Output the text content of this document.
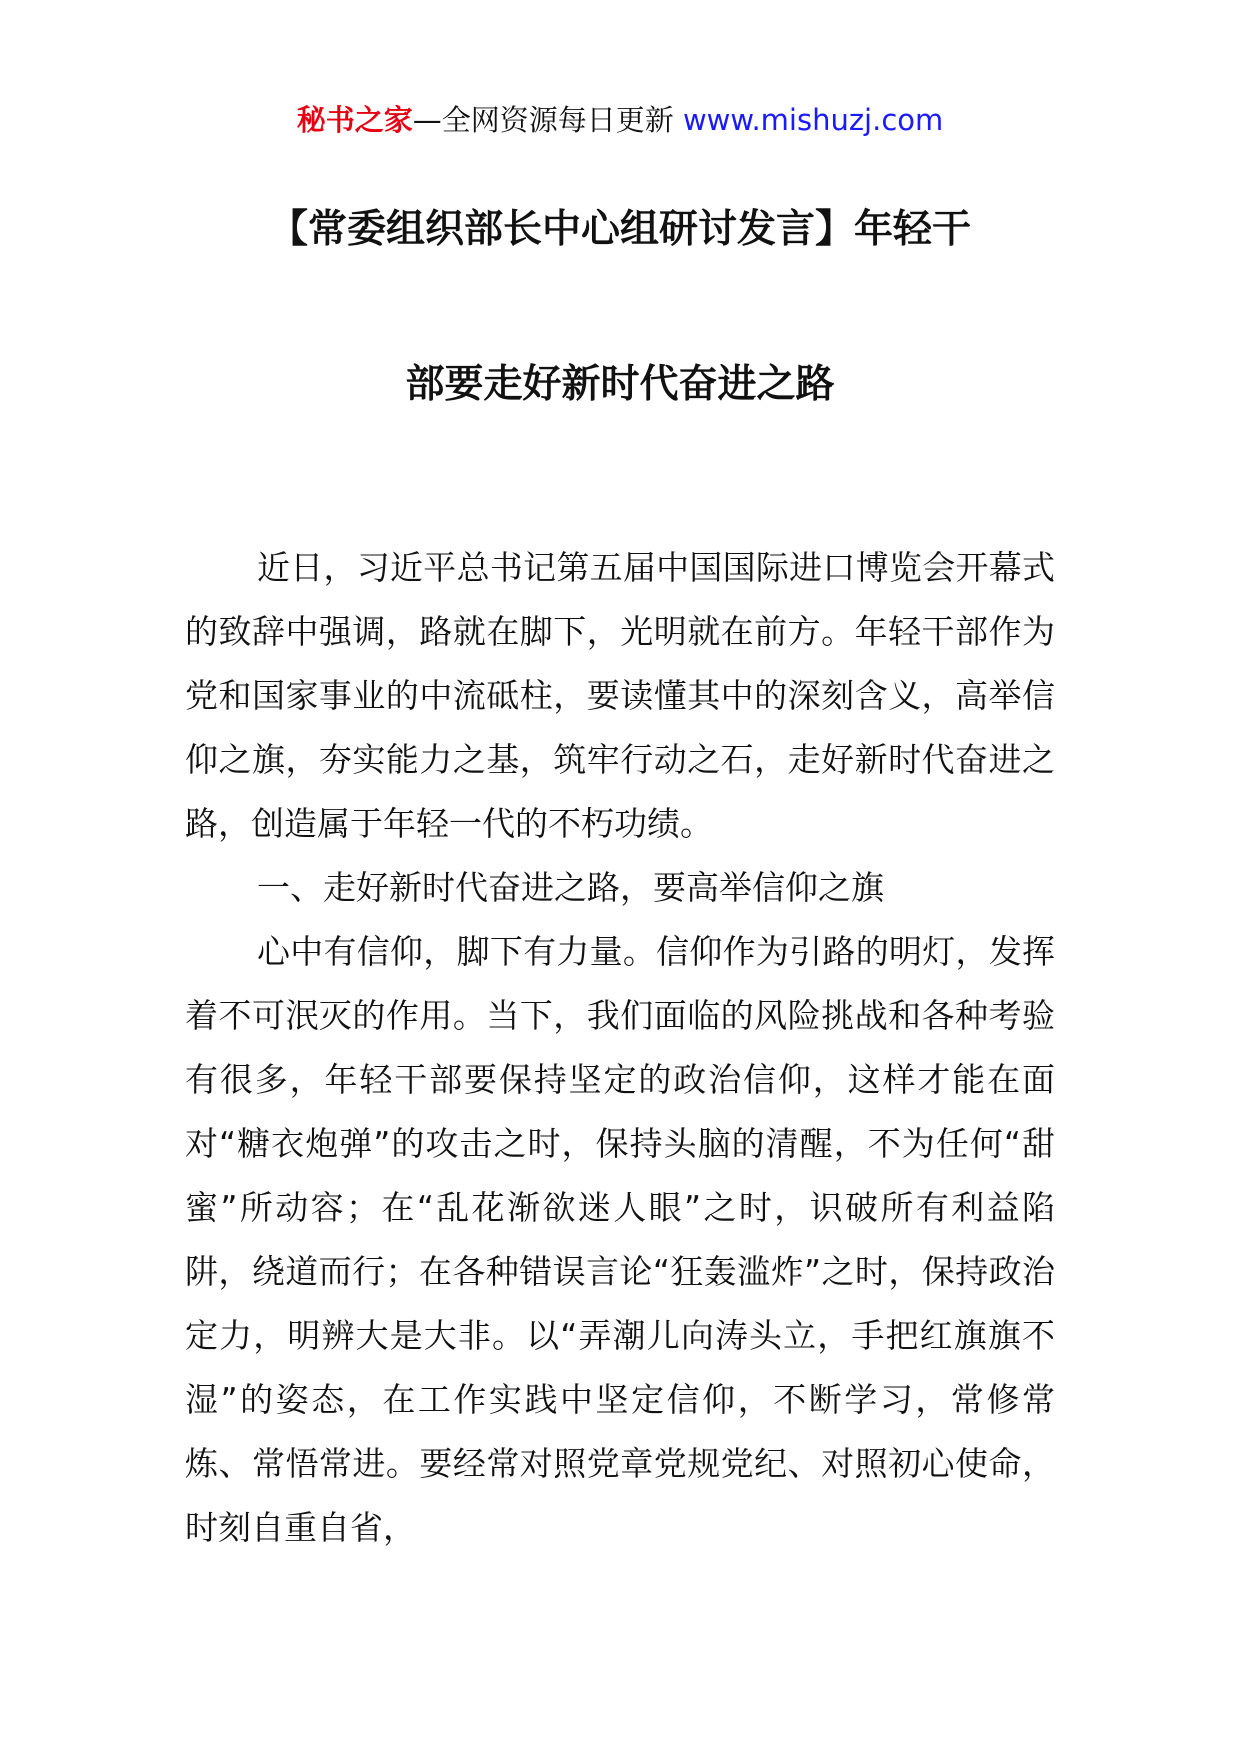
秘书之家—全网资源每日更新 www.mishuzj.com
【常委组织部长中心组研讨发言】年轻干
部要走好新时代奋进之路

近日，习近平总书记第五届中国国际进口博览会开幕式的致辞中强调，路就在脚下，光明就在前方。年轻干部作为党和国家事业的中流砥柱，要读懂其中的深刻含义，高举信仰之旗，夯实能力之基，筑牢行动之石，走好新时代奋进之路，创造属于年轻一代的不朽功绩。

一、走好新时代奋进之路，要高举信仰之旗

心中有信仰，脚下有力量。信仰作为引路的明灯，发挥着不可泯灭的作用。当下，我们面临的风险挑战和各种考验有很多，年轻干部要保持坚定的政治信仰，这样才能在面对“糖衣炮弹”的攻击之时，保持头脑的清醒，不为任何“甜蜜”所动容；在“乱花渐欲迷人眼”之时，识破所有利益陷阱，绕道而行；在各种错误言论“狂轰滥炸”之时，保持政治定力，明辨大是大非。以“弄潮儿向涛头立，手把红旗旗不湿”的姿态，在工作实践中坚定信仰，不断学习，常修常炼、常悟常进。要经常对照党章党规党纪、对照初心使命，时刻自重自省，
